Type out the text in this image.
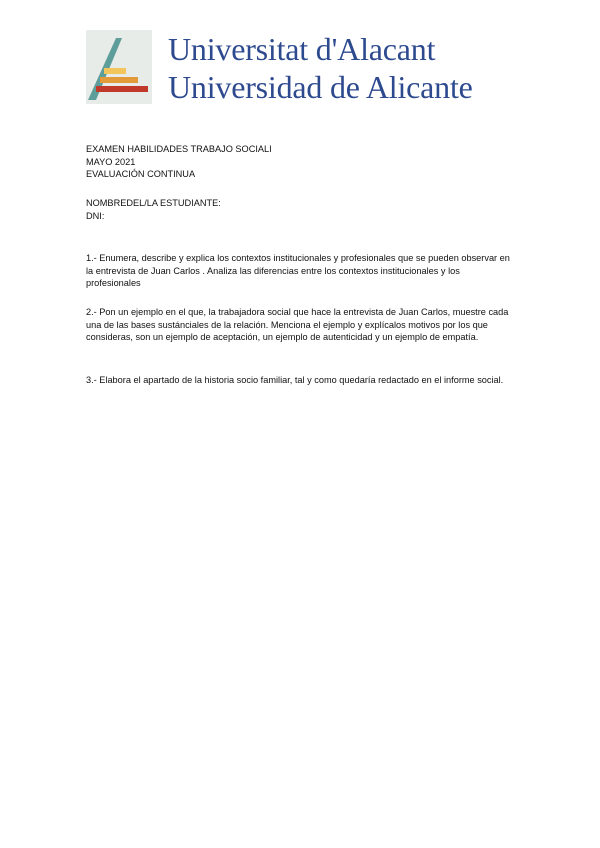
Universitat d'Alacant
Universidad de Alicante
EXAMEN HABILIDADES TRABAJO SOCIALI
MAYO 2021
EVALUACIÓN CONTINUA
NOMBREDEL/LA ESTUDIANTE:
DNI:
1.- Enumera, describe y explica los contextos institucionales y profesionales que se pueden observar en la entrevista de Juan Carlos . Analiza las diferencias entre los contextos institucionales y los profesionales
2.- Pon un ejemplo en el que, la trabajadora social que hace la entrevista de Juan Carlos, muestre cada una de las bases sustánciales de la relación. Menciona el ejemplo y explícalos motivos por los que consideras, son un ejemplo de aceptación, un ejemplo de autenticidad y un ejemplo de empatía.
3.- Elabora el apartado de la historia socio familiar, tal y como quedaría redactado en el informe social.
